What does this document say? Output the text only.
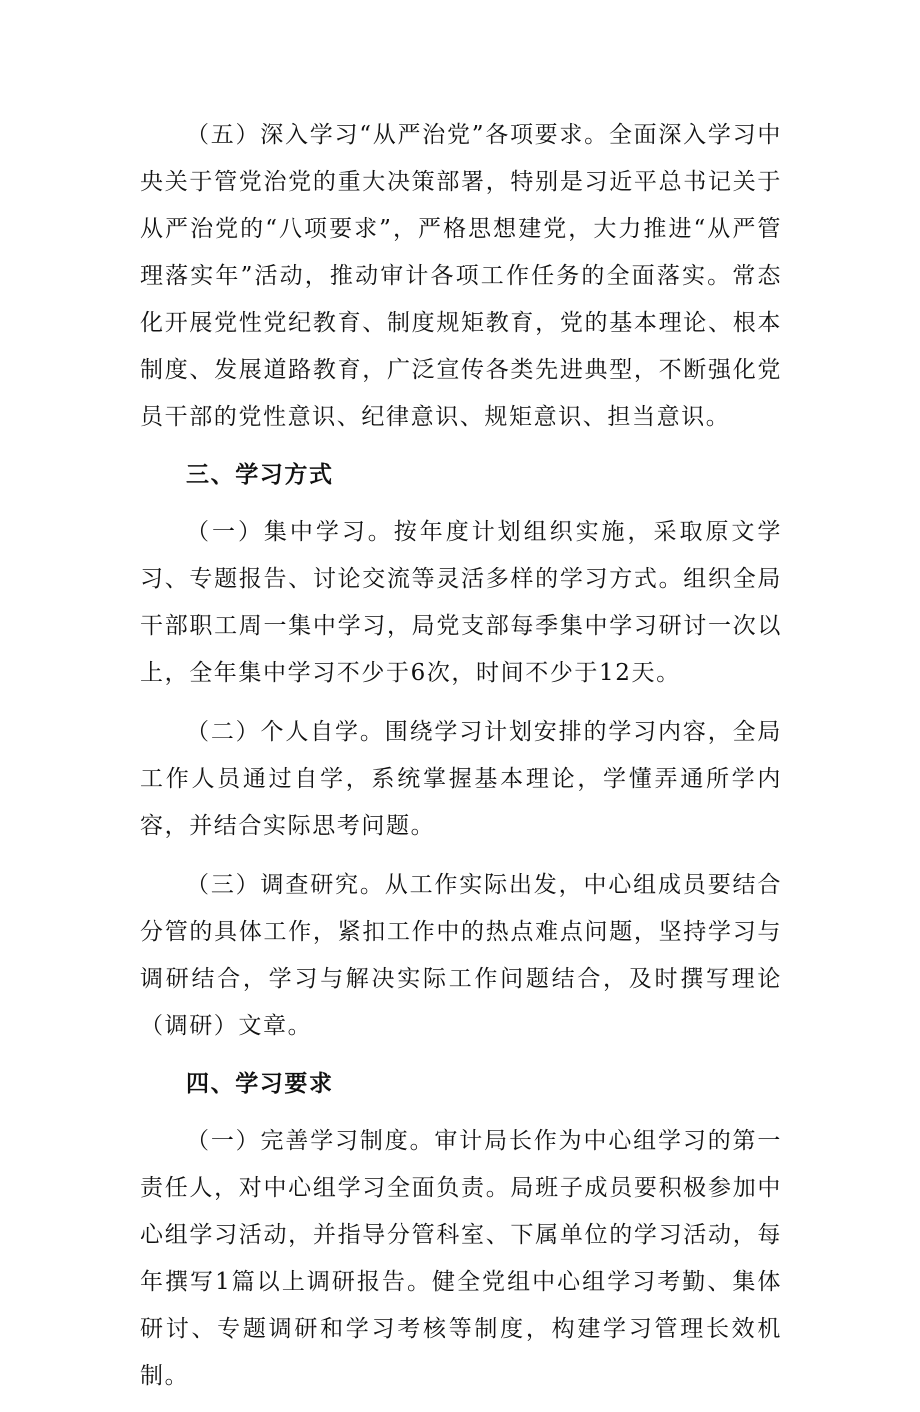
（五）深入学习“从严治党”各项要求。全面深入学习中央关于管党治党的重大决策部署，特别是习近平总书记关于从严治党的“八项要求”，严格思想建党，大力推进“从严管理落实年”活动，推动审计各项工作任务的全面落实。常态化开展党性党纪教育、制度规矩教育，党的基本理论、根本制度、发展道路教育，广泛宣传各类先进典型，不断强化党员干部的党性意识、纪律意识、规矩意识、担当意识。

三、学习方式

（一）集中学习。按年度计划组织实施，采取原文学习、专题报告、讨论交流等灵活多样的学习方式。组织全局干部职工周一集中学习，局党支部每季集中学习研讨一次以上，全年集中学习不少于6次，时间不少于12天。

（二）个人自学。围绕学习计划安排的学习内容，全局工作人员通过自学，系统掌握基本理论，学懂弄通所学内容，并结合实际思考问题。

（三）调查研究。从工作实际出发，中心组成员要结合分管的具体工作，紧扣工作中的热点难点问题，坚持学习与调研结合，学习与解决实际工作问题结合，及时撰写理论（调研）文章。

四、学习要求

（一）完善学习制度。审计局长作为中心组学习的第一责任人，对中心组学习全面负责。局班子成员要积极参加中心组学习活动，并指导分管科室、下属单位的学习活动，每年撰写1篇以上调研报告。健全党组中心组学习考勤、集体研讨、专题调研和学习考核等制度，构建学习管理长效机制。
